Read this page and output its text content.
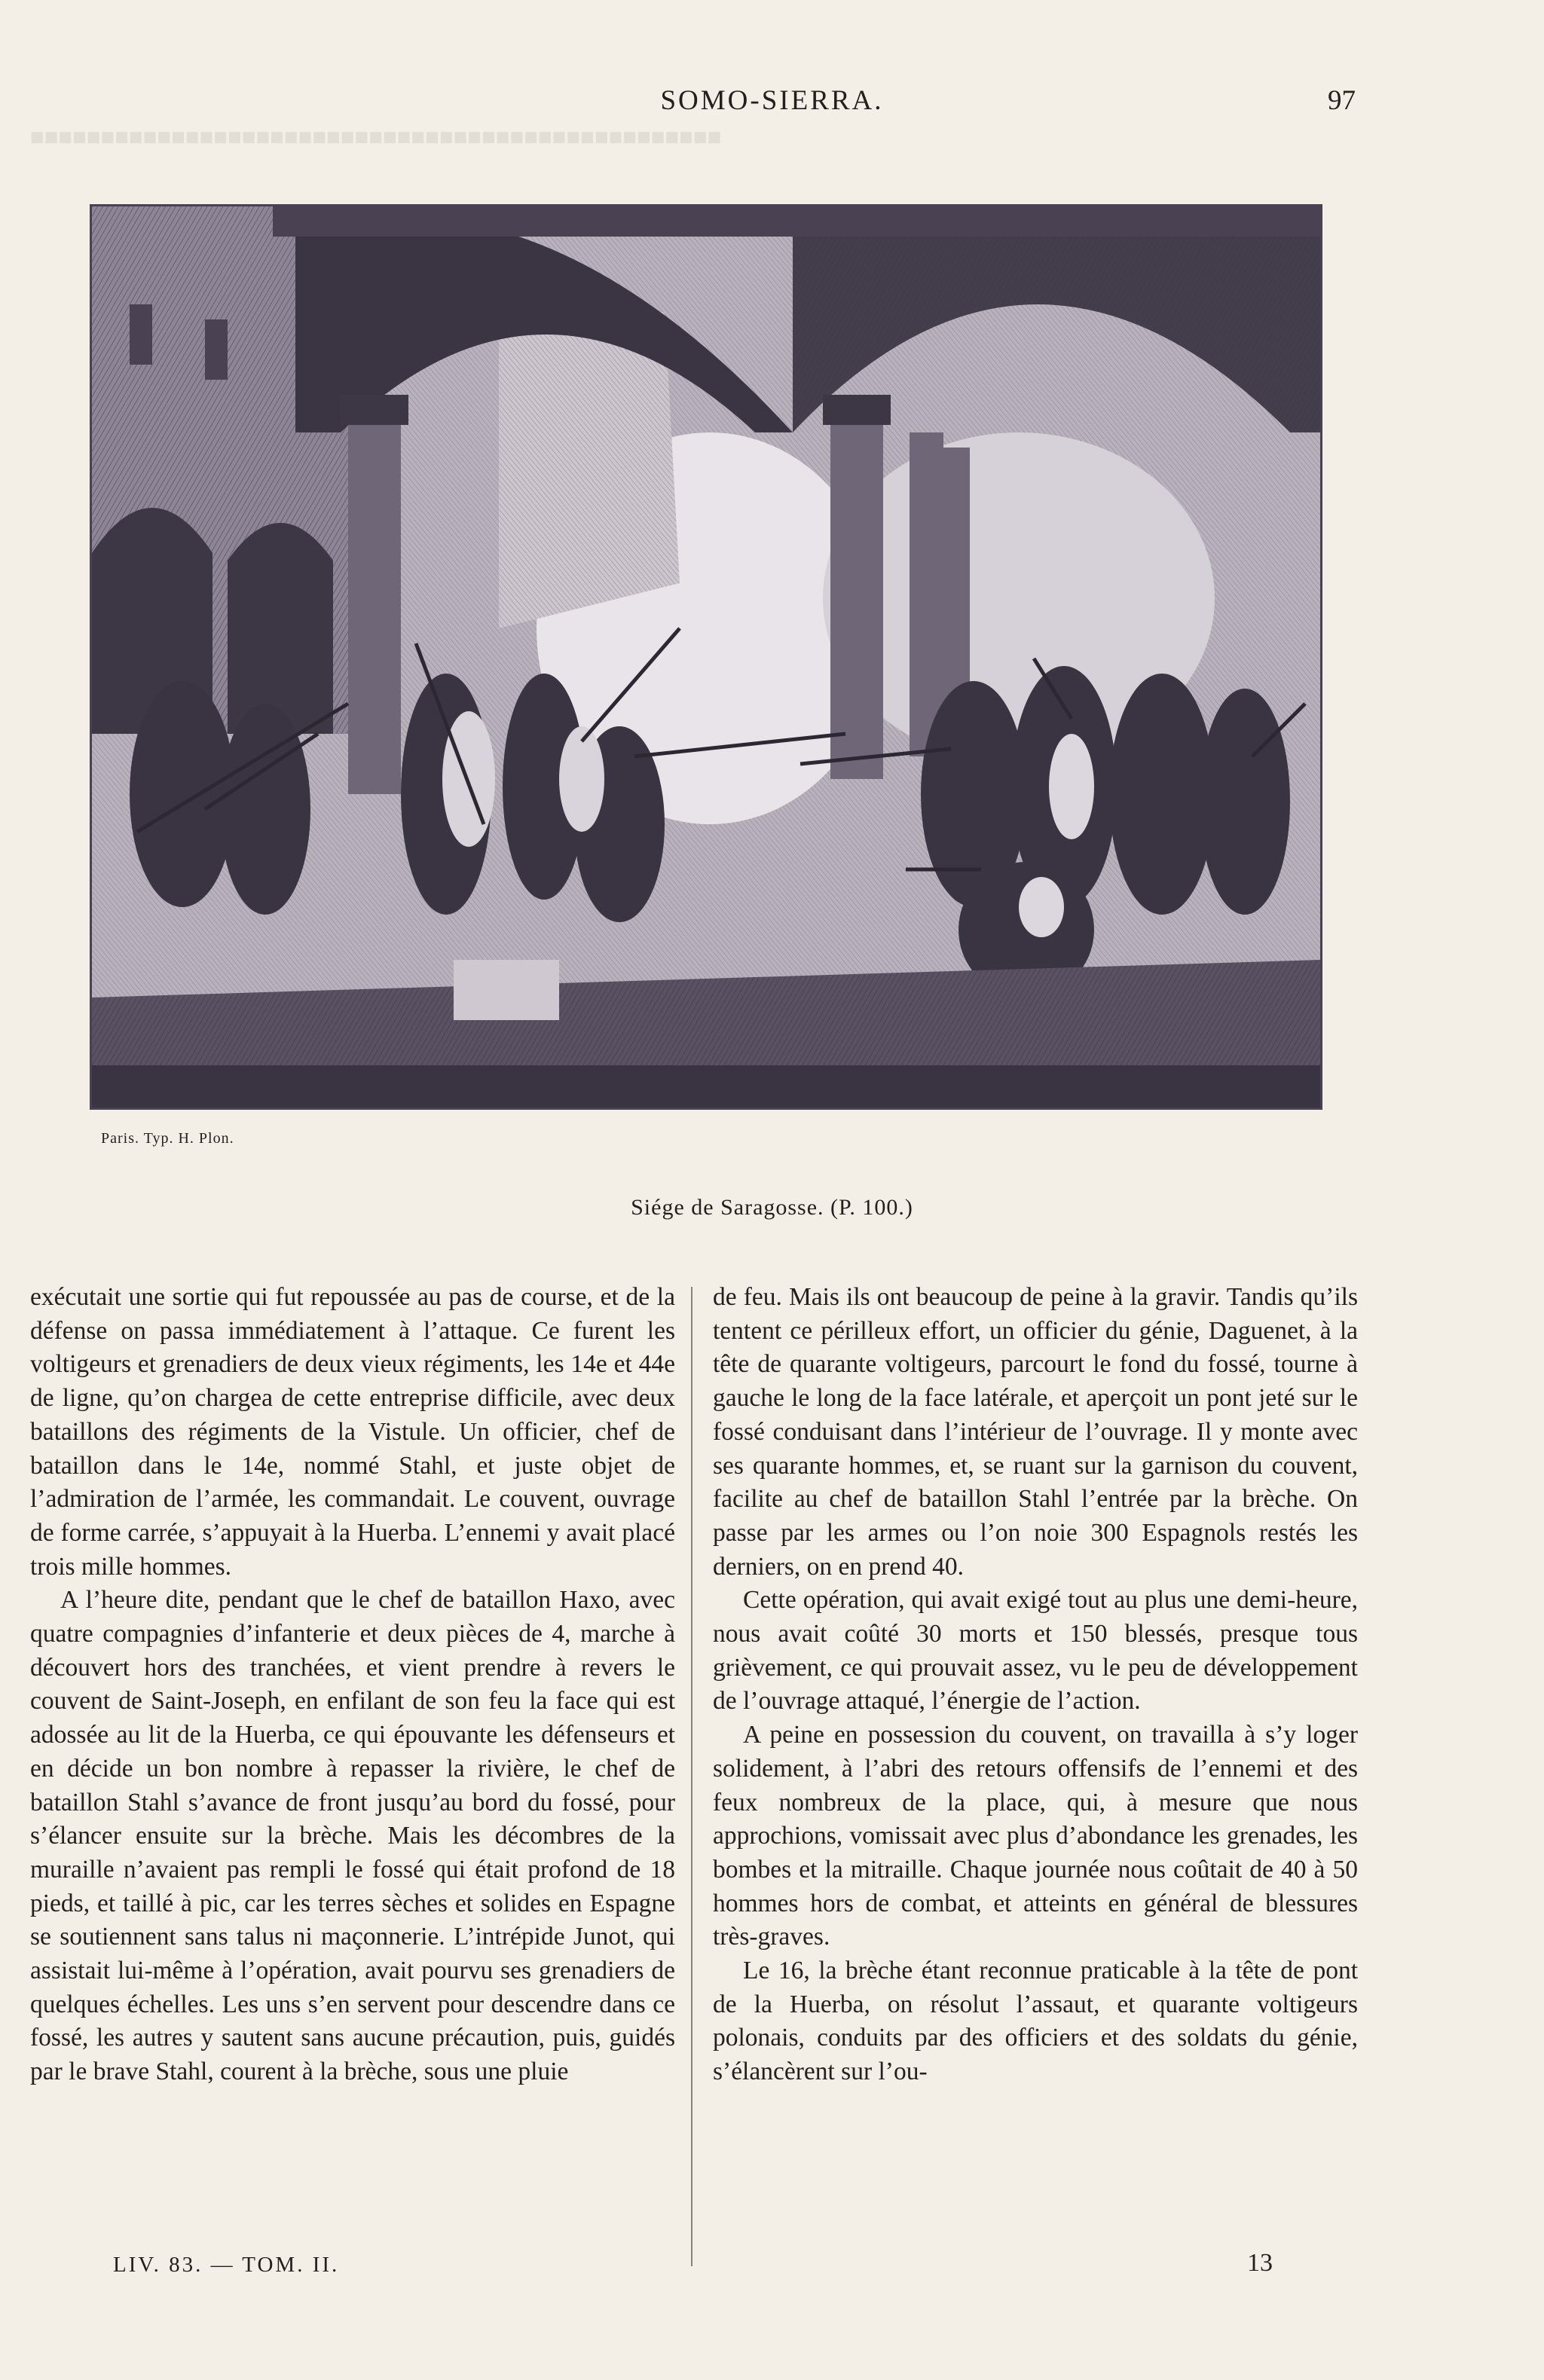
■■■■■■■■■■■■■■■■■■■■■■■■■■■■■■■■■■■■■■■■■■■■■■■■■
SOMO-SIERRA.	97
Paris. Typ. H. Plon.
Siége de Saragosse. (P. 100.)

exécutait une sortie qui fut repoussée au pas de course, et de la défense on passa immédiatement à l’attaque. Ce furent les voltigeurs et grenadiers de deux vieux régiments, les 14e et 44e de ligne, qu’on chargea de cette entreprise difficile, avec deux bataillons des régiments de la Vistule. Un officier, chef de bataillon dans le 14e, nommé Stahl, et juste objet de l’admiration de l’armée, les commandait. Le couvent, ouvrage de forme carrée, s’appuyait à la Huerba. L’ennemi y avait placé trois mille hommes.

A l’heure dite, pendant que le chef de bataillon Haxo, avec quatre compagnies d’infanterie et deux pièces de 4, marche à découvert hors des tranchées, et vient prendre à revers le couvent de Saint-Joseph, en enfilant de son feu la face qui est adossée au lit de la Huerba, ce qui épouvante les défenseurs et en décide un bon nombre à repasser la rivière, le chef de bataillon Stahl s’avance de front jusqu’au bord du fossé, pour s’élancer ensuite sur la brèche. Mais les décombres de la muraille n’avaient pas rempli le fossé qui était profond de 18 pieds, et taillé à pic, car les terres sèches et solides en Espagne se soutiennent sans talus ni maçonnerie. L’intrépide Junot, qui assistait lui-même à l’opération, avait pourvu ses grenadiers de quelques échelles. Les uns s’en servent pour descendre dans ce fossé, les autres y sautent sans aucune précaution, puis, guidés par le brave Stahl, courent à la brèche, sous une pluie

de feu. Mais ils ont beaucoup de peine à la gravir. Tandis qu’ils tentent ce périlleux effort, un officier du génie, Daguenet, à la tête de quarante voltigeurs, parcourt le fond du fossé, tourne à gauche le long de la face latérale, et aperçoit un pont jeté sur le fossé conduisant dans l’intérieur de l’ouvrage. Il y monte avec ses quarante hommes, et, se ruant sur la garnison du couvent, facilite au chef de bataillon Stahl l’entrée par la brèche. On passe par les armes ou l’on noie 300 Espagnols restés les derniers, on en prend 40.

Cette opération, qui avait exigé tout au plus une demi-heure, nous avait coûté 30 morts et 150 blessés, presque tous grièvement, ce qui prouvait assez, vu le peu de développement de l’ouvrage attaqué, l’énergie de l’action.

A peine en possession du couvent, on travailla à s’y loger solidement, à l’abri des retours offensifs de l’ennemi et des feux nombreux de la place, qui, à mesure que nous approchions, vomissait avec plus d’abondance les grenades, les bombes et la mitraille. Chaque journée nous coûtait de 40 à 50 hommes hors de combat, et atteints en général de blessures très-graves.

Le 16, la brèche étant reconnue praticable à la tête de pont de la Huerba, on résolut l’assaut, et quarante voltigeurs polonais, conduits par des officiers et des soldats du génie, s’élancèrent sur l’ou-

LIV. 83. — TOM. II.	13
